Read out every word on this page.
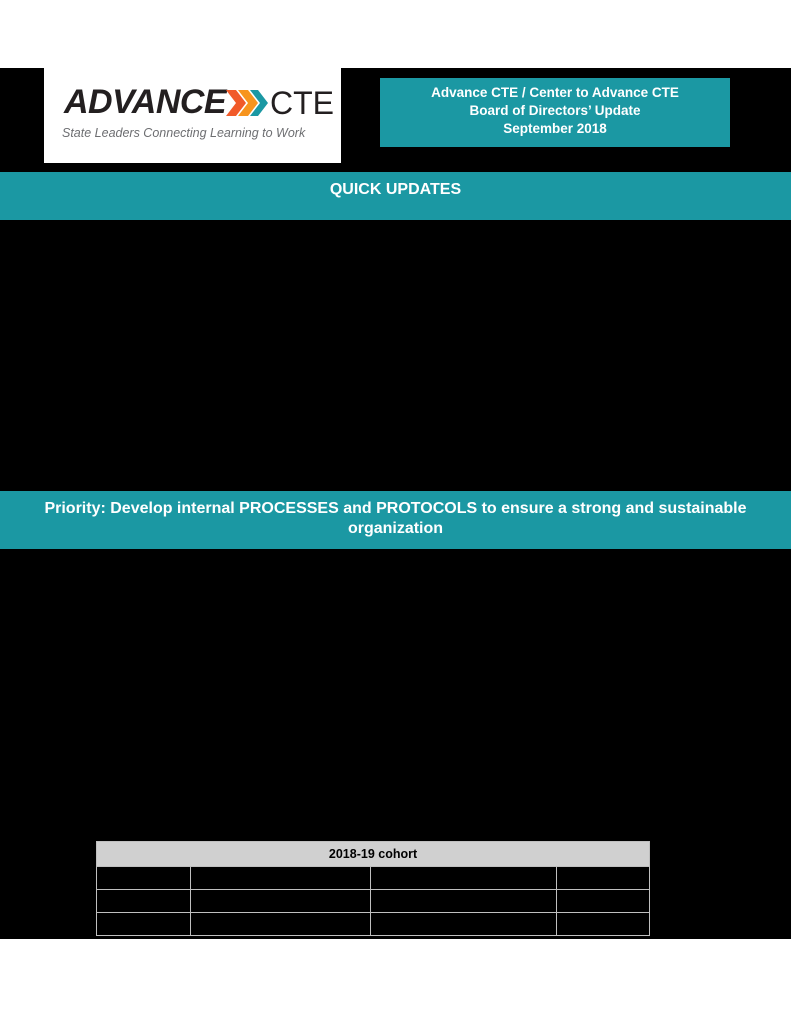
ADVANCE CTE
State Leaders Connecting Learning to Work
Advance CTE / Center to Advance CTE
Board of Directors’ Update
September 2018
QUICK UPDATES
Priority: Develop internal PROCESSES and PROTOCOLS to ensure a strong and sustainable organization
2018-19 cohort			
